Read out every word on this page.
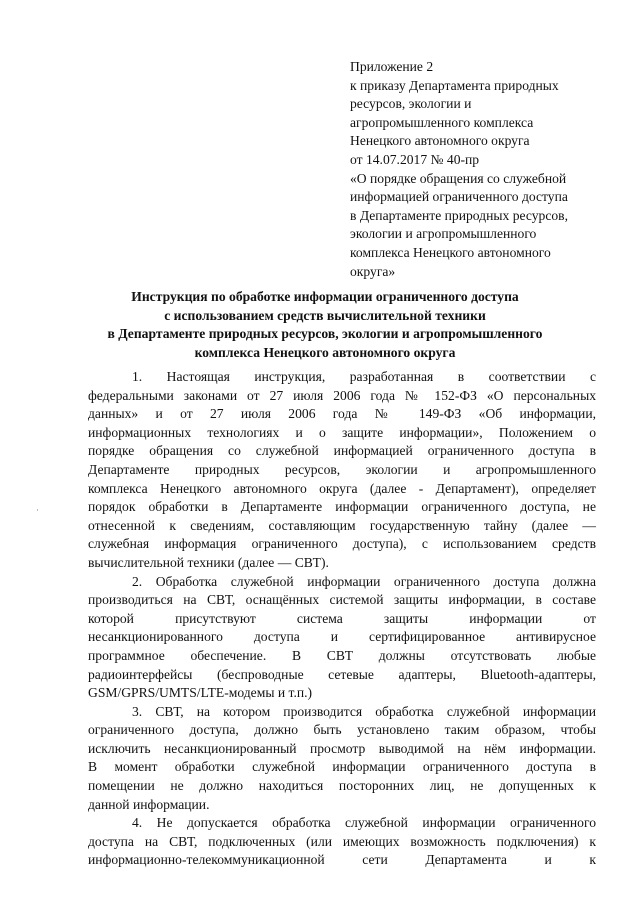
Приложение 2
к приказу Департамента природных
ресурсов, экологии и
агропромышленного комплекса
Ненецкого автономного округа
от 14.07.2017 № 40-пр
«О порядке обращения со служебной
информацией ограниченного доступа
в Департаменте природных ресурсов,
экологии и агропромышленного
комплекса Ненецкого автономного
округа»
Инструкция по обработке информации ограниченного доступа
с использованием средств вычислительной техники
в Департаменте природных ресурсов, экологии и агропромышленного
комплекса Ненецкого автономного округа
1. Настоящая инструкция, разработанная в соответствии с
федеральными законами от 27 июля 2006 года № 152-ФЗ «О персональных
данных» и от 27 июля 2006 года № 149-ФЗ «Об информации,
информационных технологиях и о защите информации», Положением о
порядке обращения со служебной информацией ограниченного доступа в
Департаменте природных ресурсов, экологии и агропромышленного
комплекса Ненецкого автономного округа (далее - Департамент), определяет
порядок обработки в Департаменте информации ограниченного доступа, не
отнесенной к сведениям, составляющим государственную тайну (далее —
служебная информация ограниченного доступа), с использованием средств
вычислительной техники (далее — СВТ).
2. Обработка служебной информации ограниченного доступа должна
производиться на СВТ, оснащённых системой защиты информации, в составе
которой присутствуют система защиты информации от
несанкционированного доступа и сертифицированное антивирусное
программное обеспечение. В СВТ должны отсутствовать любые
радиоинтерфейсы (беспроводные сетевые адаптеры, Bluetooth-адаптеры,
GSM/GPRS/UMTS/LTE-модемы и т.п.)
3. СВТ, на котором производится обработка служебной информации
ограниченного доступа, должно быть установлено таким образом, чтобы
исключить несанкционированный просмотр выводимой на нём информации.
В момент обработки служебной информации ограниченного доступа в
помещении не должно находиться посторонних лиц, не допущенных к
данной информации.
4. Не допускается обработка служебной информации ограниченного
доступа на СВТ, подключенных (или имеющих возможность подключения) к
информационно-телекоммуникационной сети Департамента и к
·
